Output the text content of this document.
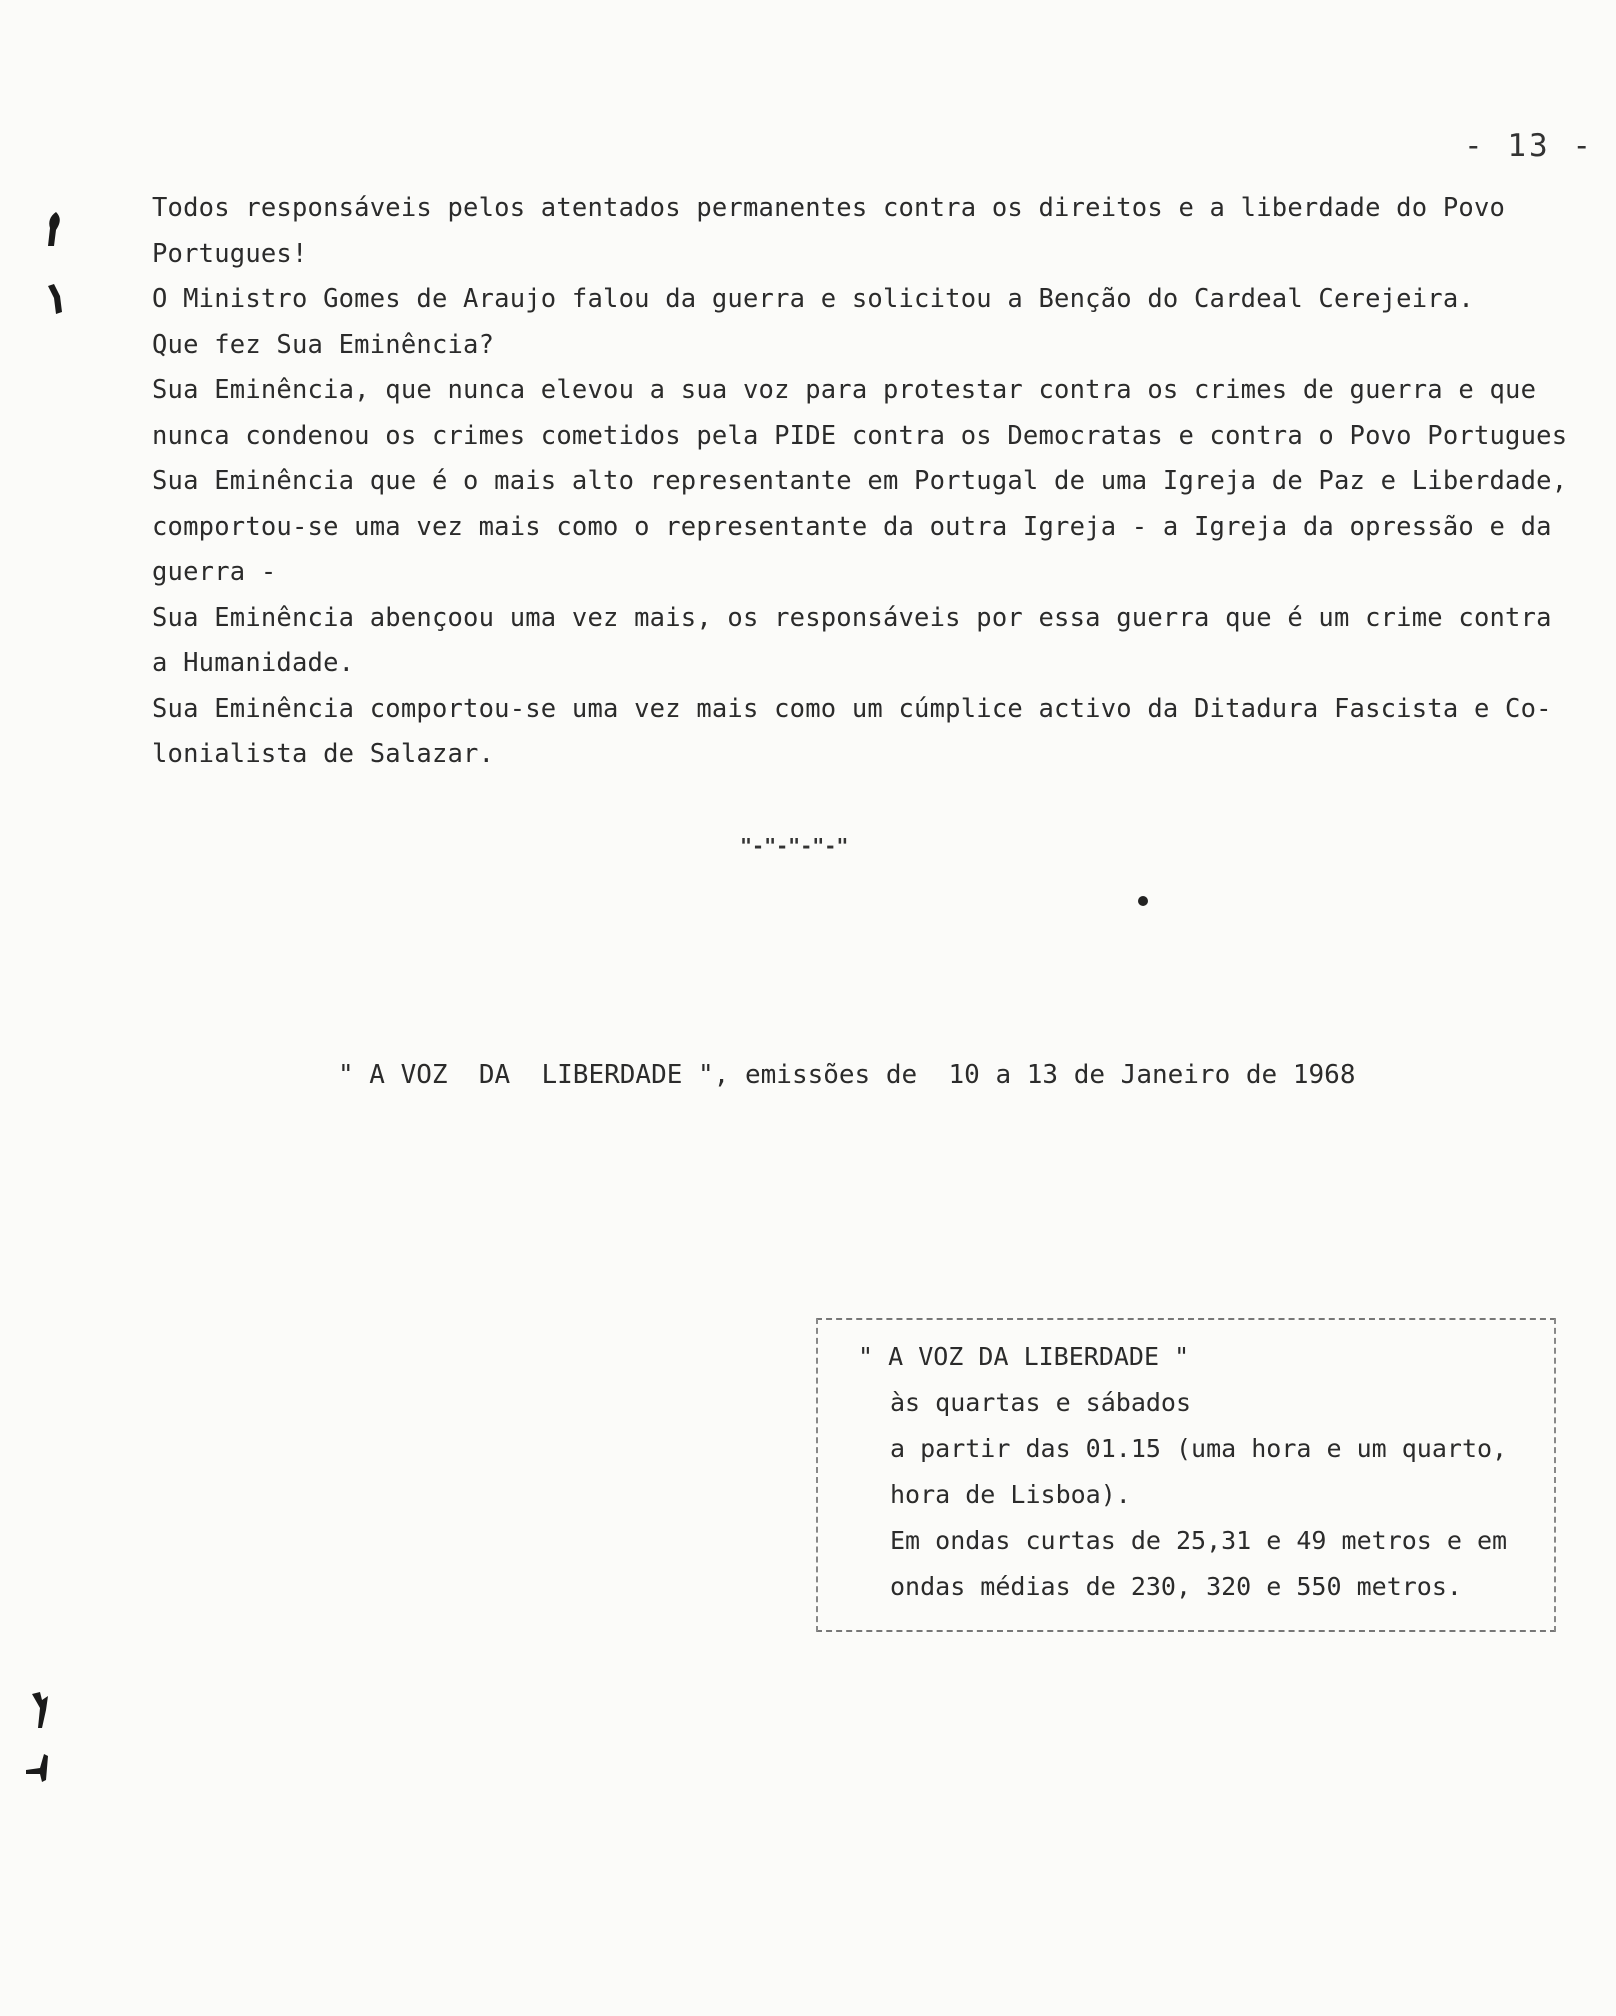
- 13 -
Todos responsáveis pelos atentados permanentes contra os direitos e a liberdade do Povo
Portugues!
O Ministro Gomes de Araujo falou da guerra e solicitou a Benção do Cardeal Cerejeira.
Que fez Sua Eminência?
Sua Eminência, que nunca elevou a sua voz para protestar contra os crimes de guerra e que
nunca condenou os crimes cometidos pela PIDE contra os Democratas e contra o Povo Portugues
Sua Eminência que é o mais alto representante em Portugal de uma Igreja de Paz e Liberdade,
comportou-se uma vez mais como o representante da outra Igreja - a Igreja da opressão e da
guerra -
Sua Eminência abençoou uma vez mais, os responsáveis por essa guerra que é um crime contra
a Humanidade.
Sua Eminência comportou-se uma vez mais como um cúmplice activo da Ditadura Fascista e Co-
lonialista de Salazar.
"-"-"-"-"
" A VOZ  DA  LIBERDADE ", emissões de  10 a 13 de Janeiro de 1968
" A VOZ DA LIBERDADE "
às quartas e sábados
a partir das 01.15 (uma hora e um quarto,
hora de Lisboa).
Em ondas curtas de 25,31 e 49 metros e em
ondas médias de 230, 320 e 550 metros.
